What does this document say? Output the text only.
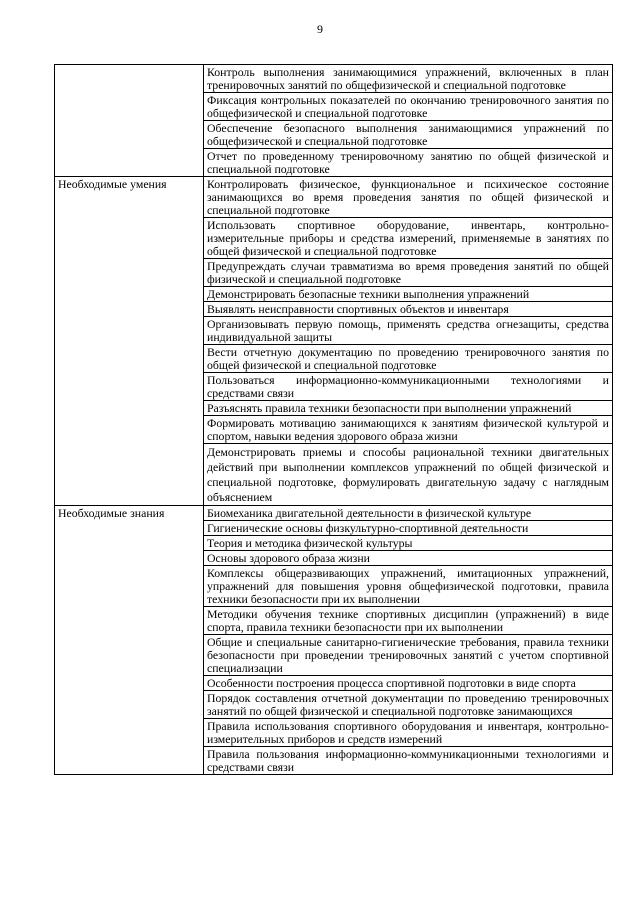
9
	Контроль выполнения занимающимися упражнений, включенных в план тренировочных занятий по общефизической и специальной подготовке
	Фиксация контрольных показателей по окончанию тренировочного занятия по общефизической и специальной подготовке
	Обеспечение безопасного выполнения занимающимися упражнений по общефизической и специальной подготовке
	Отчет по проведенному тренировочному занятию по общей физической и специальной подготовке
Необходимые умения	Контролировать физическое, функциональное и психическое состояние занимающихся во время проведения занятия по общей физической и специальной подготовке
	Использовать спортивное оборудование, инвентарь, контрольно-измерительные приборы и средства измерений, применяемые в занятиях по общей физической и специальной подготовке
	Предупреждать случаи травматизма во время проведения занятий по общей физической и специальной подготовке
	Демонстрировать безопасные техники выполнения упражнений
	Выявлять неисправности спортивных объектов и инвентаря
	Организовывать первую помощь, применять средства огнезащиты, средства индивидуальной защиты
	Вести отчетную документацию по проведению тренировочного занятия по общей физической и специальной подготовке
	Пользоваться информационно-коммуникационными технологиями и средствами связи
	Разъяснять правила техники безопасности при выполнении упражнений
	Формировать мотивацию занимающихся к занятиям физической культурой и спортом, навыки ведения здорового образа жизни
	Демонстрировать приемы и способы рациональной техники двигательных действий при выполнении комплексов упражнений по общей физической и специальной подготовке, формулировать двигательную задачу с наглядным объяснением
Необходимые знания	Биомеханика двигательной деятельности в физической культуре
	Гигиенические основы физкультурно-спортивной деятельности
	Теория и методика физической культуры
	Основы здорового образа жизни
	Комплексы общеразвивающих упражнений, имитационных упражнений, упражнений для повышения уровня общефизической подготовки, правила техники безопасности при их выполнении
	Методики обучения технике спортивных дисциплин (упражнений) в виде спорта, правила техники безопасности при их выполнении
	Общие и специальные санитарно-гигиенические требования, правила техники безопасности при проведении тренировочных занятий с учетом спортивной специализации
	Особенности построения процесса спортивной подготовки в виде спорта
	Порядок составления отчетной документации по проведению тренировочных занятий по общей физической и специальной подготовке занимающихся
	Правила использования спортивного оборудования и инвентаря, контрольно-измерительных приборов и средств измерений
	Правила пользования информационно-коммуникационными технологиями и средствами связи
